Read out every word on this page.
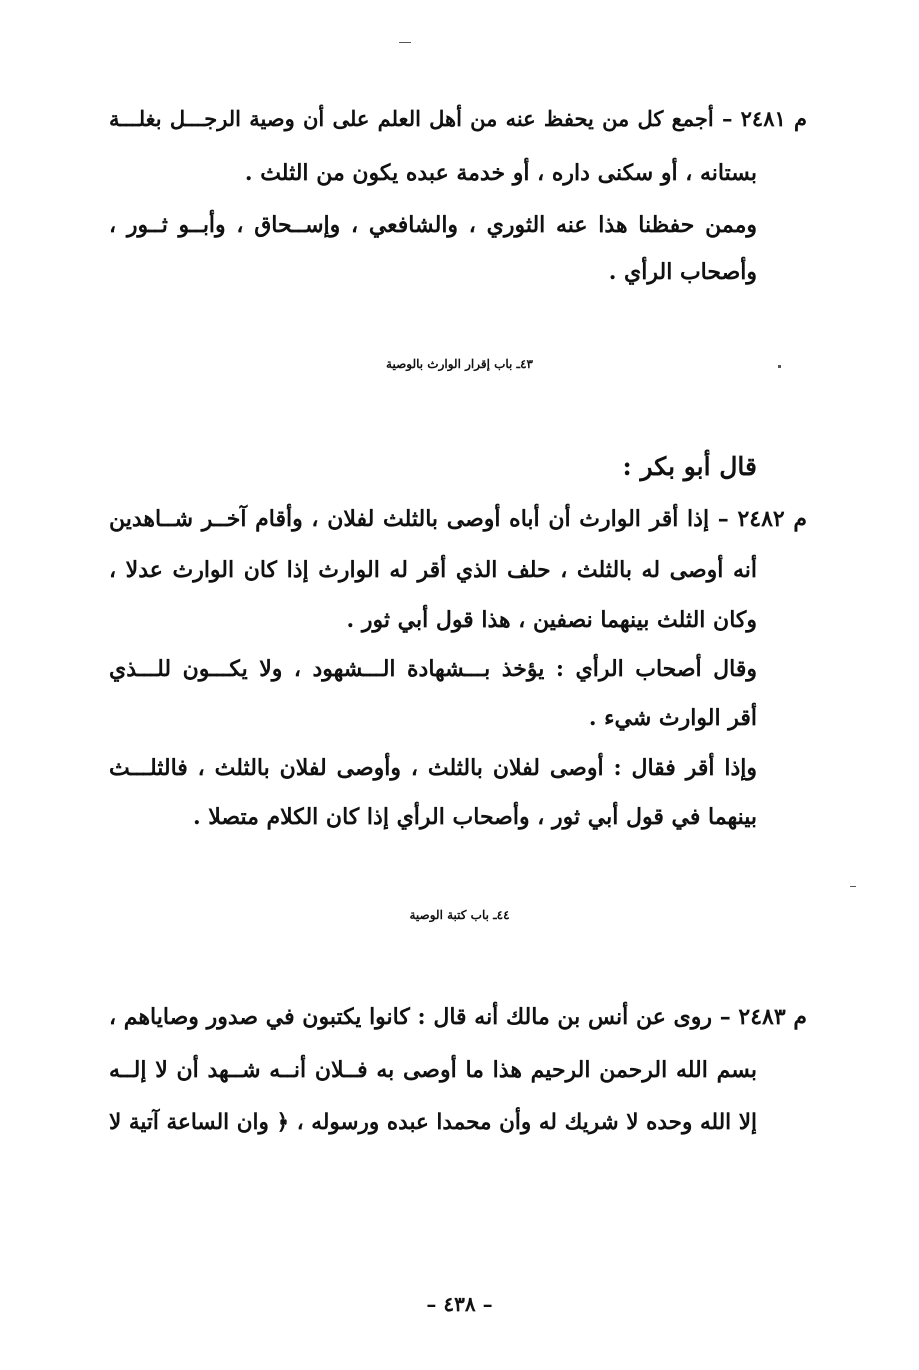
م ٢٤٨١ – أجمع كل من يحفظ عنه من أهل العلم على أن وصية الرجـــل بغلـــة
بستانه ، أو سكنى داره ، أو خدمة عبده يكون من الثلث .
وممن حفظنا هذا عنه الثوري ، والشافعي ، وإســحاق ، وأبــو ثــور ،
وأصحاب الرأي .
٤٣ـ باب إقرار الوارث بالوصية
قال أبو بكر :
م ٢٤٨٢ – إذا أقر الوارث أن أباه أوصى بالثلث لفلان ، وأقام آخــر شــاهدين
أنه أوصى له بالثلث ، حلف الذي أقر له الوارث إذا كان الوارث عدلا ،
وكان الثلث بينهما نصفين ، هذا قول أبي ثور .
وقال أصحاب الرأي : يؤخذ بـــشهادة الـــشهود ، ولا يكـــون للـــذي
أقر الوارث شيء .
وإذا أقر فقال : أوصى لفلان بالثلث ، وأوصى لفلان بالثلث ، فالثلـــث
بينهما في قول أبي ثور ، وأصحاب الرأي إذا كان الكلام متصلا .
٤٤ـ باب كتبة الوصية
م ٢٤٨٣ – روى عن أنس بن مالك أنه قال : كانوا يكتبون في صدور وصاياهم ،
بسم الله الرحمن الرحيم هذا ما أوصى به فــلان أنــه شــهد أن لا إلــه
إلا الله وحده لا شريك له وأن محمدا عبده ورسوله ، ﴿ وان الساعة آتية لا
– ٤٣٨ –
